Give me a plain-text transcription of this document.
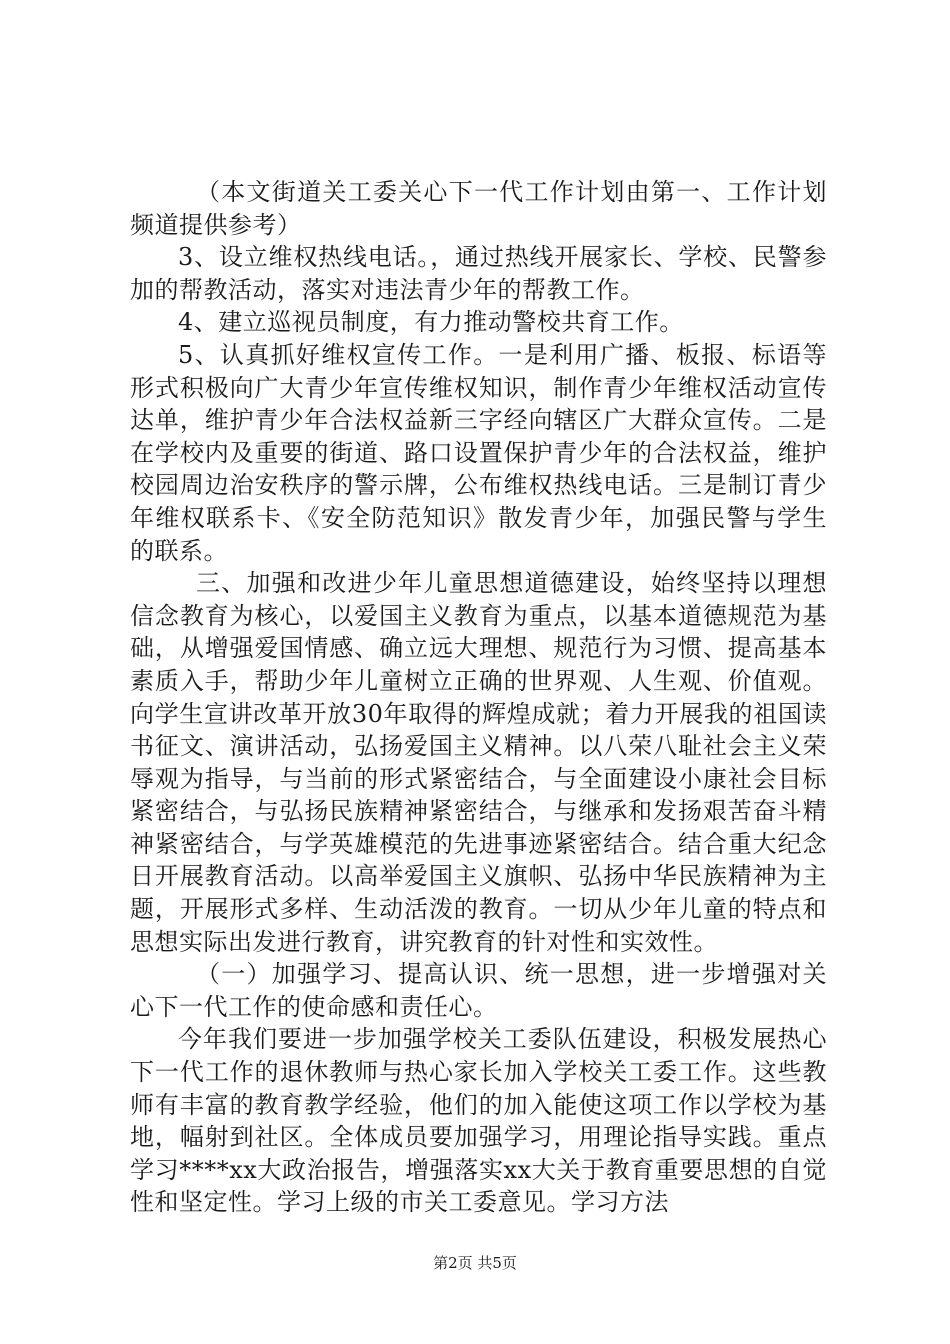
（本文街道关工委关心下一代工作计划由第一、工作计划频道提供参考）

3、设立维权热线电话。，通过热线开展家长、学校、民警参加的帮教活动，落实对违法青少年的帮教工作。

4、建立巡视员制度，有力推动警校共育工作。

5、认真抓好维权宣传工作。一是利用广播、板报、标语等形式积极向广大青少年宣传维权知识，制作青少年维权活动宣传达单，维护青少年合法权益新三字经向辖区广大群众宣传。二是在学校内及重要的街道、路口设置保护青少年的合法权益，维护校园周边治安秩序的警示牌，公布维权热线电话。三是制订青少年维权联系卡、《安全防范知识》散发青少年，加强民警与学生的联系。

三、加强和改进少年儿童思想道德建设，始终坚持以理想信念教育为核心，以爱国主义教育为重点，以基本道德规范为基础，从增强爱国情感、确立远大理想、规范行为习惯、提高基本素质入手，帮助少年儿童树立正确的世界观、人生观、价值观。向学生宣讲改革开放30年取得的辉煌成就；着力开展我的祖国读书征文、演讲活动，弘扬爱国主义精神。以八荣八耻社会主义荣辱观为指导，与当前的形式紧密结合，与全面建设小康社会目标紧密结合，与弘扬民族精神紧密结合，与继承和发扬艰苦奋斗精神紧密结合，与学英雄模范的先进事迹紧密结合。结合重大纪念日开展教育活动。以高举爱国主义旗帜、弘扬中华民族精神为主题，开展形式多样、生动活泼的教育。一切从少年儿童的特点和思想实际出发进行教育，讲究教育的针对性和实效性。

（一）加强学习、提高认识、统一思想，进一步增强对关心下一代工作的使命感和责任心。

今年我们要进一步加强学校关工委队伍建设，积极发展热心下一代工作的退休教师与热心家长加入学校关工委工作。这些教师有丰富的教育教学经验，他们的加入能使这项工作以学校为基地，幅射到社区。全体成员要加强学习，用理论指导实践。重点学习****xx大政治报告，增强落实xx大关于教育重要思想的自觉性和坚定性。学习上级的市关工委意见。学习方法

第2页 共5页
